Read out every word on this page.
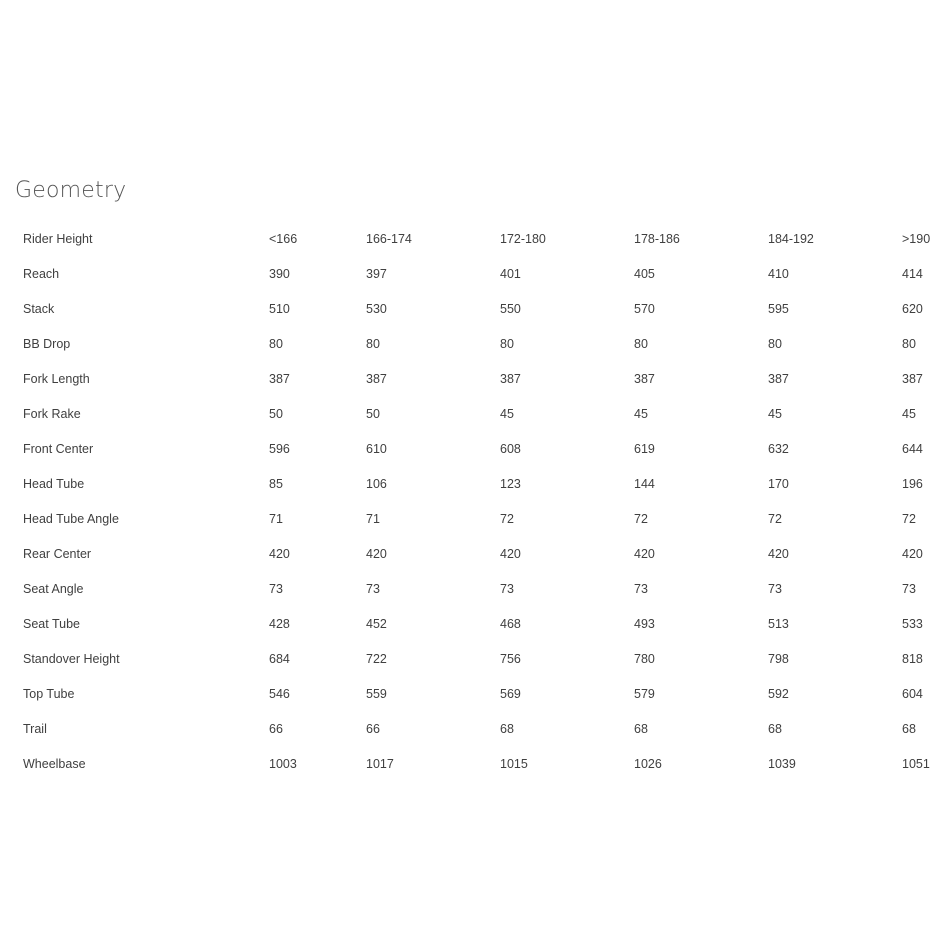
Geometry
Rider Height	<166	166-174	172-180	178-186	184-192	>190
Reach	390	397	401	405	410	414
Stack	510	530	550	570	595	620
BB Drop	80	80	80	80	80	80
Fork Length	387	387	387	387	387	387
Fork Rake	50	50	45	45	45	45
Front Center	596	610	608	619	632	644
Head Tube	85	106	123	144	170	196
Head Tube Angle	71	71	72	72	72	72
Rear Center	420	420	420	420	420	420
Seat Angle	73	73	73	73	73	73
Seat Tube	428	452	468	493	513	533
Standover Height	684	722	756	780	798	818
Top Tube	546	559	569	579	592	604
Trail	66	66	68	68	68	68
Wheelbase	1003	1017	1015	1026	1039	1051
